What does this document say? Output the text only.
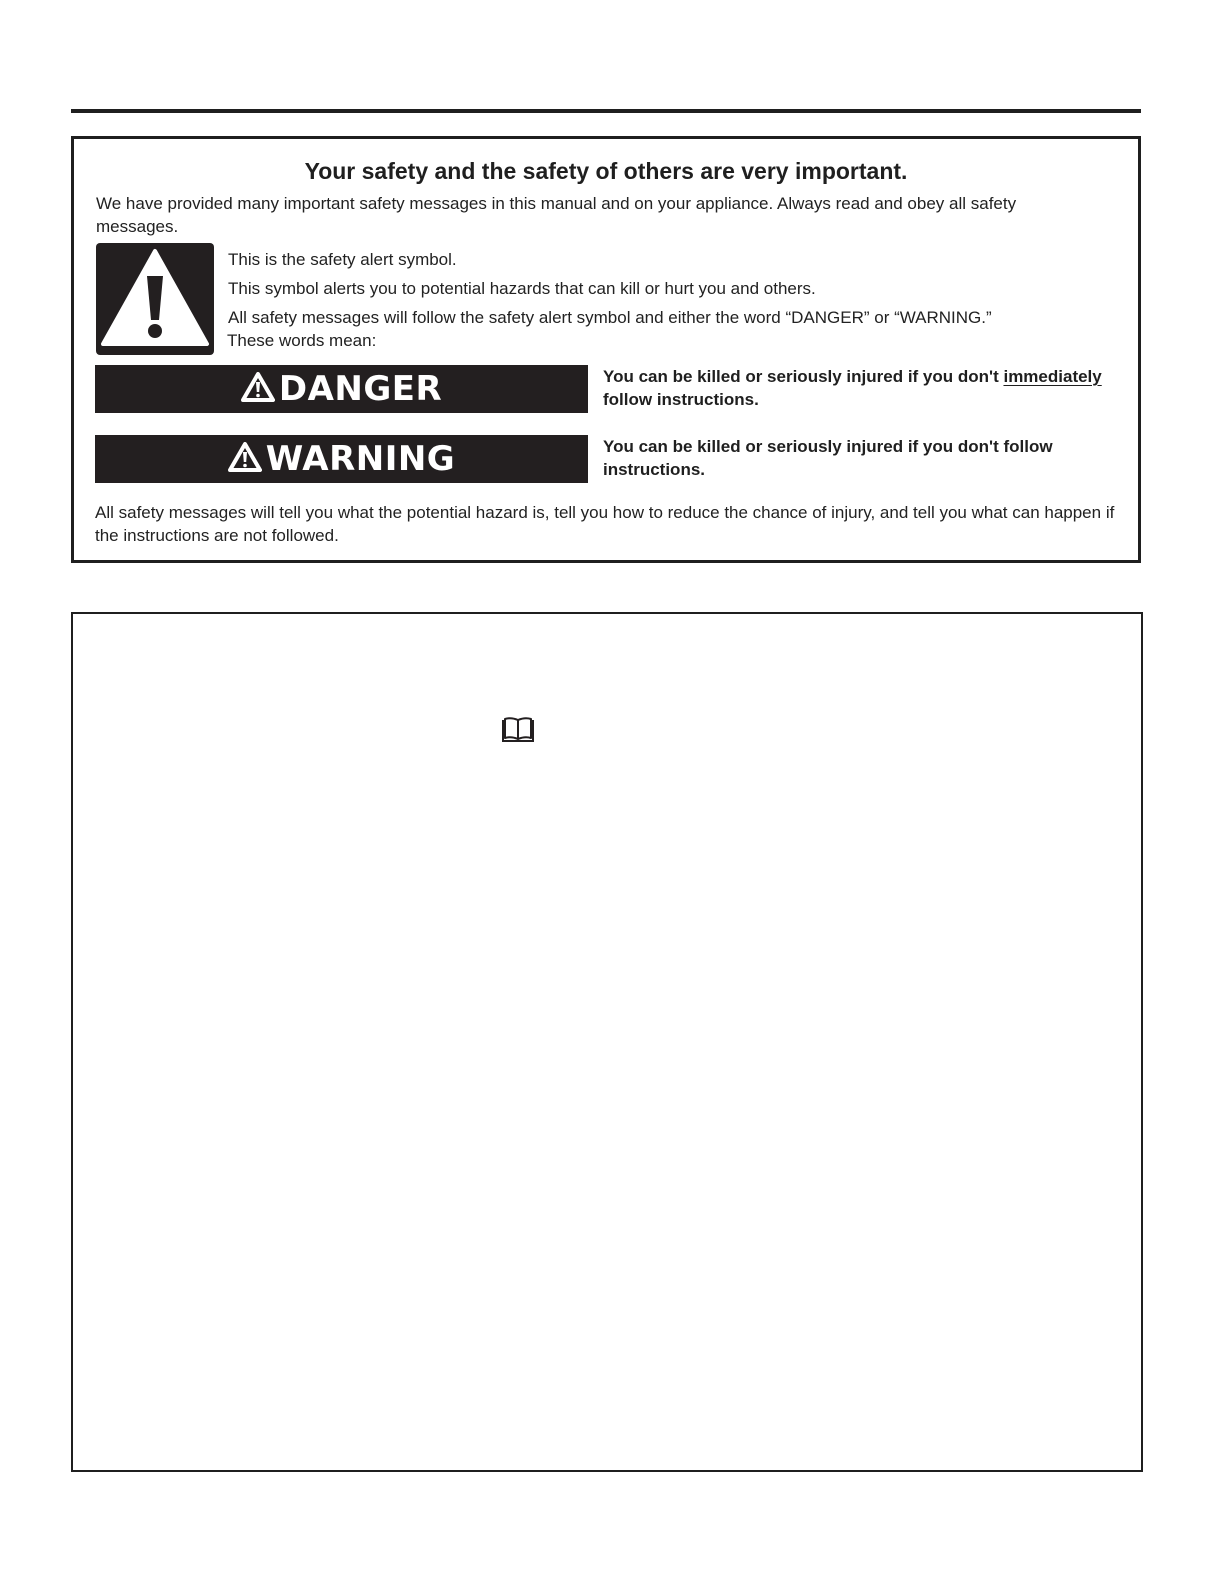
Your safety and the safety of others are very important.
We have provided many important safety messages in this manual and on your appliance. Always read and obey all safety messages.
This is the safety alert symbol.
This symbol alerts you to potential hazards that can kill or hurt you and others.
All safety messages will follow the safety alert symbol and either the word “DANGER” or “WARNING.”
These words mean:
DANGER	You can be killed or seriously injured if you don't immediately
follow instructions.
WARNING	You can be killed or seriously injured if you don't follow instructions.
All safety messages will tell you what the potential hazard is, tell you how to reduce the chance of injury, and tell you what can happen if the instructions are not followed.
